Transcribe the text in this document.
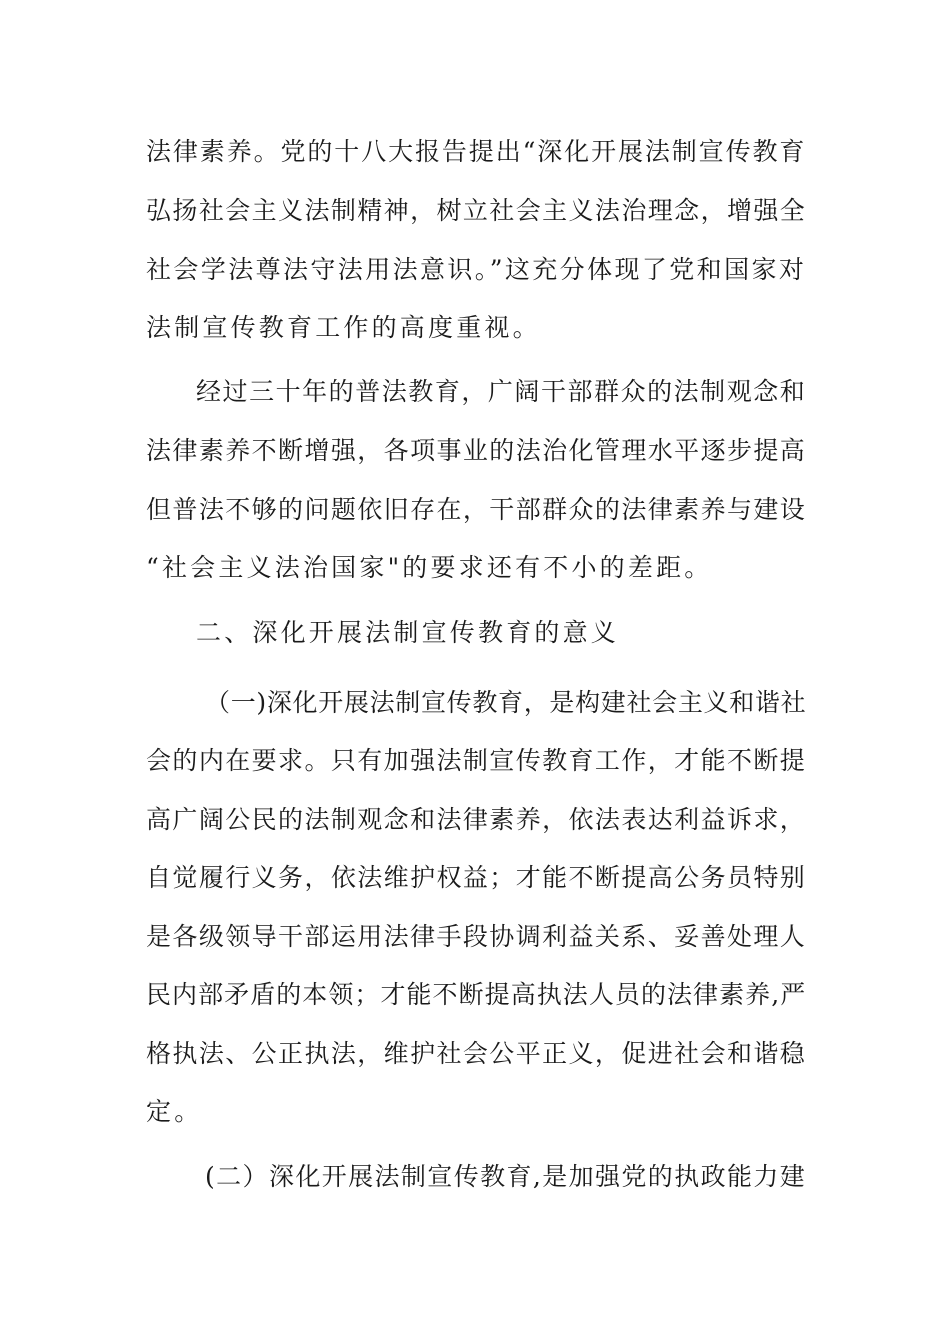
法律素养。党的十八大报告提出“深化开展法制宣传教育
弘扬社会主义法制精神，树立社会主义法治理念，增强全
社会学法尊法守法用法意识。”这充分体现了党和国家对
法制宣传教育工作的高度重视。
经过三十年的普法教育，广阔干部群众的法制观念和
法律素养不断增强，各项事业的法治化管理水平逐步提高
但普法不够的问题依旧存在，干部群众的法律素养与建设
“社会主义法治国家"的要求还有不小的差距。
二、深化开展法制宣传教育的意义
（一)深化开展法制宣传教育，是构建社会主义和谐社
会的内在要求。只有加强法制宣传教育工作，才能不断提
高广阔公民的法制观念和法律素养，依法表达利益诉求，
自觉履行义务，依法维护权益；才能不断提高公务员特别
是各级领导干部运用法律手段协调利益关系、妥善处理人
民内部矛盾的本领；才能不断提高执法人员的法律素养,严
格执法、公正执法，维护社会公平正义，促进社会和谐稳
定。
(二）深化开展法制宣传教育,是加强党的执政能力建
